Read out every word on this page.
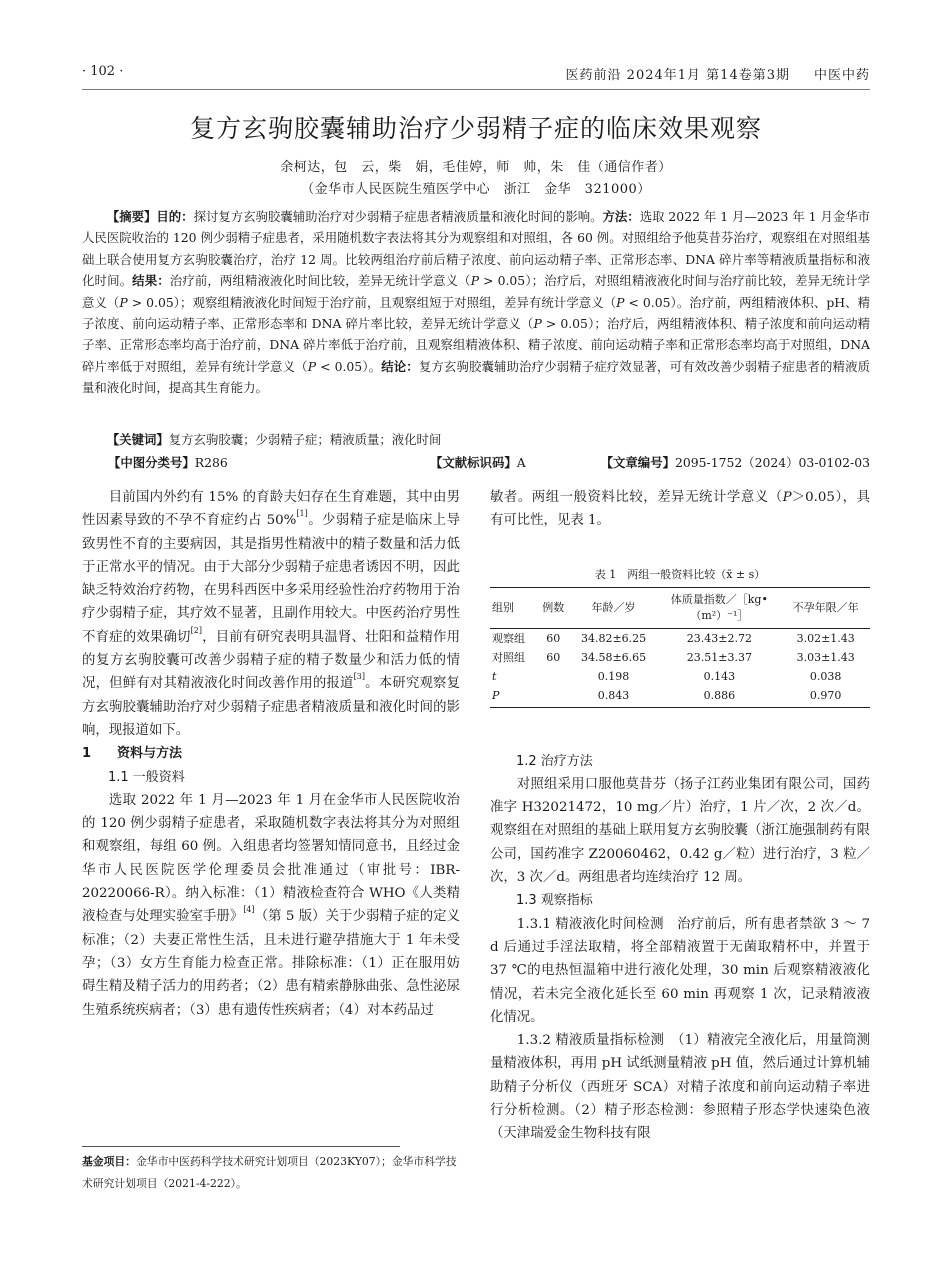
· 102 ·	医药前沿 2024年1月 第14卷第3期 中医中药
复方玄驹胶囊辅助治疗少弱精子症的临床效果观察
余柯达，包　云，柴　娟，毛佳婷，师　帅，朱　佳（通信作者）
（金华市人民医院生殖医学中心　浙江　金华　321000）

【摘要】目的：探讨复方玄驹胶囊辅助治疗对少弱精子症患者精液质量和液化时间的影响。方法：选取 2022 年 1 月—2023 年 1 月金华市人民医院收治的 120 例少弱精子症患者，采用随机数字表法将其分为观察组和对照组，各 60 例。对照组给予他莫昔芬治疗，观察组在对照组基础上联合使用复方玄驹胶囊治疗，治疗 12 周。比较两组治疗前后精子浓度、前向运动精子率、正常形态率、DNA 碎片率等精液质量指标和液化时间。结果：治疗前，两组精液液化时间比较，差异无统计学意义（P > 0.05）；治疗后，对照组精液液化时间与治疗前比较，差异无统计学意义（P > 0.05）；观察组精液液化时间短于治疗前，且观察组短于对照组，差异有统计学意义（P < 0.05）。治疗前，两组精液体积、pH、精子浓度、前向运动精子率、正常形态率和 DNA 碎片率比较，差异无统计学意义（P > 0.05）；治疗后，两组精液体积、精子浓度和前向运动精子率、正常形态率均高于治疗前，DNA 碎片率低于治疗前，且观察组精液体积、精子浓度、前向运动精子率和正常形态率均高于对照组，DNA 碎片率低于对照组，差异有统计学意义（P < 0.05）。结论：复方玄驹胶囊辅助治疗少弱精子症疗效显著，可有效改善少弱精子症患者的精液质量和液化时间，提高其生育能力。

【关键词】复方玄驹胶囊；少弱精子症；精液质量；液化时间

【中图分类号】R286	【文献标识码】A	【文章编号】2095-1752（2024）03-0102-03

目前国内外约有 15% 的育龄夫妇存在生育难题，其中由男性因素导致的不孕不育症约占 50%[1]。少弱精子症是临床上导致男性不育的主要病因，其是指男性精液中的精子数量和活力低于正常水平的情况。由于大部分少弱精子症患者诱因不明，因此缺乏特效治疗药物，在男科西医中多采用经验性治疗药物用于治疗少弱精子症，其疗效不显著，且副作用较大。中医药治疗男性不育症的效果确切[2]，目前有研究表明具温肾、壮阳和益精作用的复方玄驹胶囊可改善少弱精子症的精子数量少和活力低的情况，但鲜有对其精液液化时间改善作用的报道[3]。本研究观察复方玄驹胶囊辅助治疗对少弱精子症患者精液质量和液化时间的影响，现报道如下。

1　　资料与方法

1.1 一般资料

选取 2022 年 1 月—2023 年 1 月在金华市人民医院收治的 120 例少弱精子症患者，采取随机数字表法将其分为对照组和观察组，每组 60 例。入组患者均签署知情同意书，且经过金华市人民医院医学伦理委员会批准通过（审批号：IBR-20220066-R）。纳入标准：（1）精液检查符合 WHO《人类精液检查与处理实验室手册》[4]（第 5 版）关于少弱精子症的定义标准；（2）夫妻正常性生活，且未进行避孕措施大于 1 年未受孕；（3）女方生育能力检查正常。排除标准：（1）正在服用妨碍生精及精子活力的用药者；（2）患有精索静脉曲张、急性泌尿生殖系统疾病者；（3）患有遗传性疾病者；（4）对本药品过

基金项目：金华市中医药科学技术研究计划项目（2023KY07）；金华市科学技术研究计划项目（2021-4-222）。

敏者。两组一般资料比较，差异无统计学意义（P＞0.05），具有可比性，见表 1。

1.2 治疗方法

对照组采用口服他莫昔芬（扬子江药业集团有限公司，国药准字 H32021472，10 mg／片）治疗，1 片／次，2 次／d。观察组在对照组的基础上联用复方玄驹胶囊（浙江施强制药有限公司，国药准字 Z20060462，0.42 g／粒）进行治疗，3 粒／次，3 次／d。两组患者均连续治疗 12 周。

1.3 观察指标

1.3.1 精液液化时间检测　治疗前后，所有患者禁欲 3 ～ 7 d 后通过手淫法取精，将全部精液置于无菌取精杯中，并置于 37 ℃的电热恒温箱中进行液化处理，30 min 后观察精液液化情况，若未完全液化延长至 60 min 再观察 1 次，记录精液液化情况。

1.3.2 精液质量指标检测　（1）精液完全液化后，用量筒测量精液体积，再用 pH 试纸测量精液 pH 值，然后通过计算机辅助精子分析仪（西班牙 SCA）对精子浓度和前向运动精子率进行分析检测。（2）精子形态检测：参照精子形态学快速染色液（天津瑞爱金生物科技有限

表 1　两组一般资料比较（x̄ ± s）
组别	例数	年龄／岁	体质量指数／［kg•（m²）⁻¹］	不孕年限／年
观察组	60	34.82±6.25	23.43±2.72	3.02±1.43
对照组	60	34.58±6.65	23.51±3.37	3.03±1.43
t		0.198	0.143	0.038
P		0.843	0.886	0.970
